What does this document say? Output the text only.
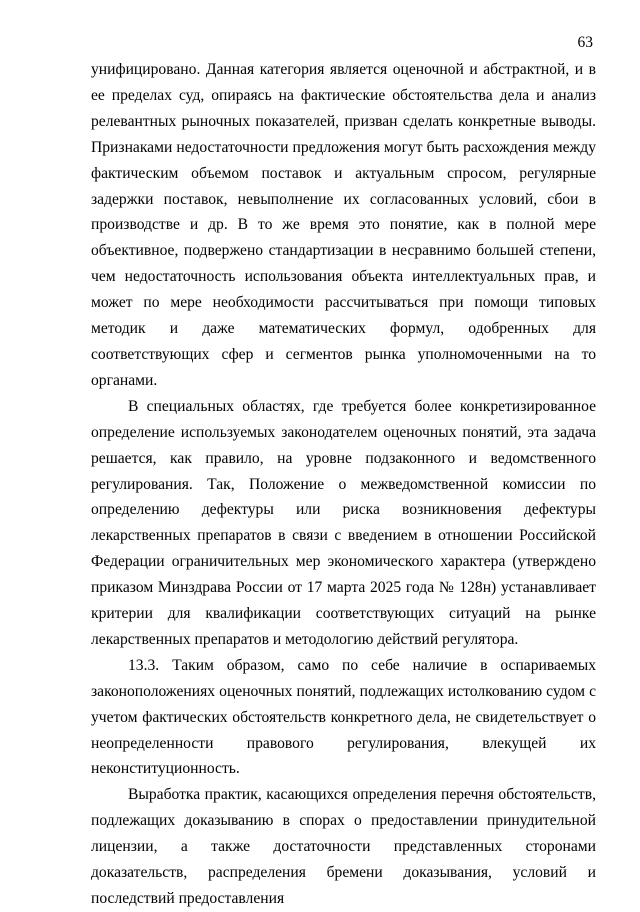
63

унифицировано. Данная категория является оценочной и абстрактной, и в ее пределах суд, опираясь на фактические обстоятельства дела и анализ релевантных рыночных показателей, призван сделать конкретные выводы. Признаками недостаточности предложения могут быть расхождения между фактическим объемом поставок и актуальным спросом, регулярные задержки поставок, невыполнение их согласованных условий, сбои в производстве и др. В то же время это понятие, как в полной мере объективное, подвержено стандартизации в несравнимо большей степени, чем недостаточность использования объекта интеллектуальных прав, и может по мере необходимости рассчитываться при помощи типовых методик и даже математических формул, одобренных для соответствующих сфер и сегментов рынка уполномоченными на то органами.

В специальных областях, где требуется более конкретизированное определение используемых законодателем оценочных понятий, эта задача решается, как правило, на уровне подзаконного и ведомственного регулирования. Так, Положение о межведомственной комиссии по определению дефектуры или риска возникновения дефектуры лекарственных препаратов в связи с введением в отношении Российской Федерации ограничительных мер экономического характера (утверждено приказом Минздрава России от 17 марта 2025 года № 128н) устанавливает критерии для квалификации соответствующих ситуаций на рынке лекарственных препаратов и методологию действий регулятора.

13.3. Таким образом, само по себе наличие в оспариваемых законоположениях оценочных понятий, подлежащих истолкованию судом с учетом фактических обстоятельств конкретного дела, не свидетельствует о неопределенности правового регулирования, влекущей их неконституционность.

Выработка практик, касающихся определения перечня обстоятельств, подлежащих доказыванию в спорах о предоставлении принудительной лицензии, а также достаточности представленных сторонами доказательств, распределения бремени доказывания, условий и последствий предоставления
